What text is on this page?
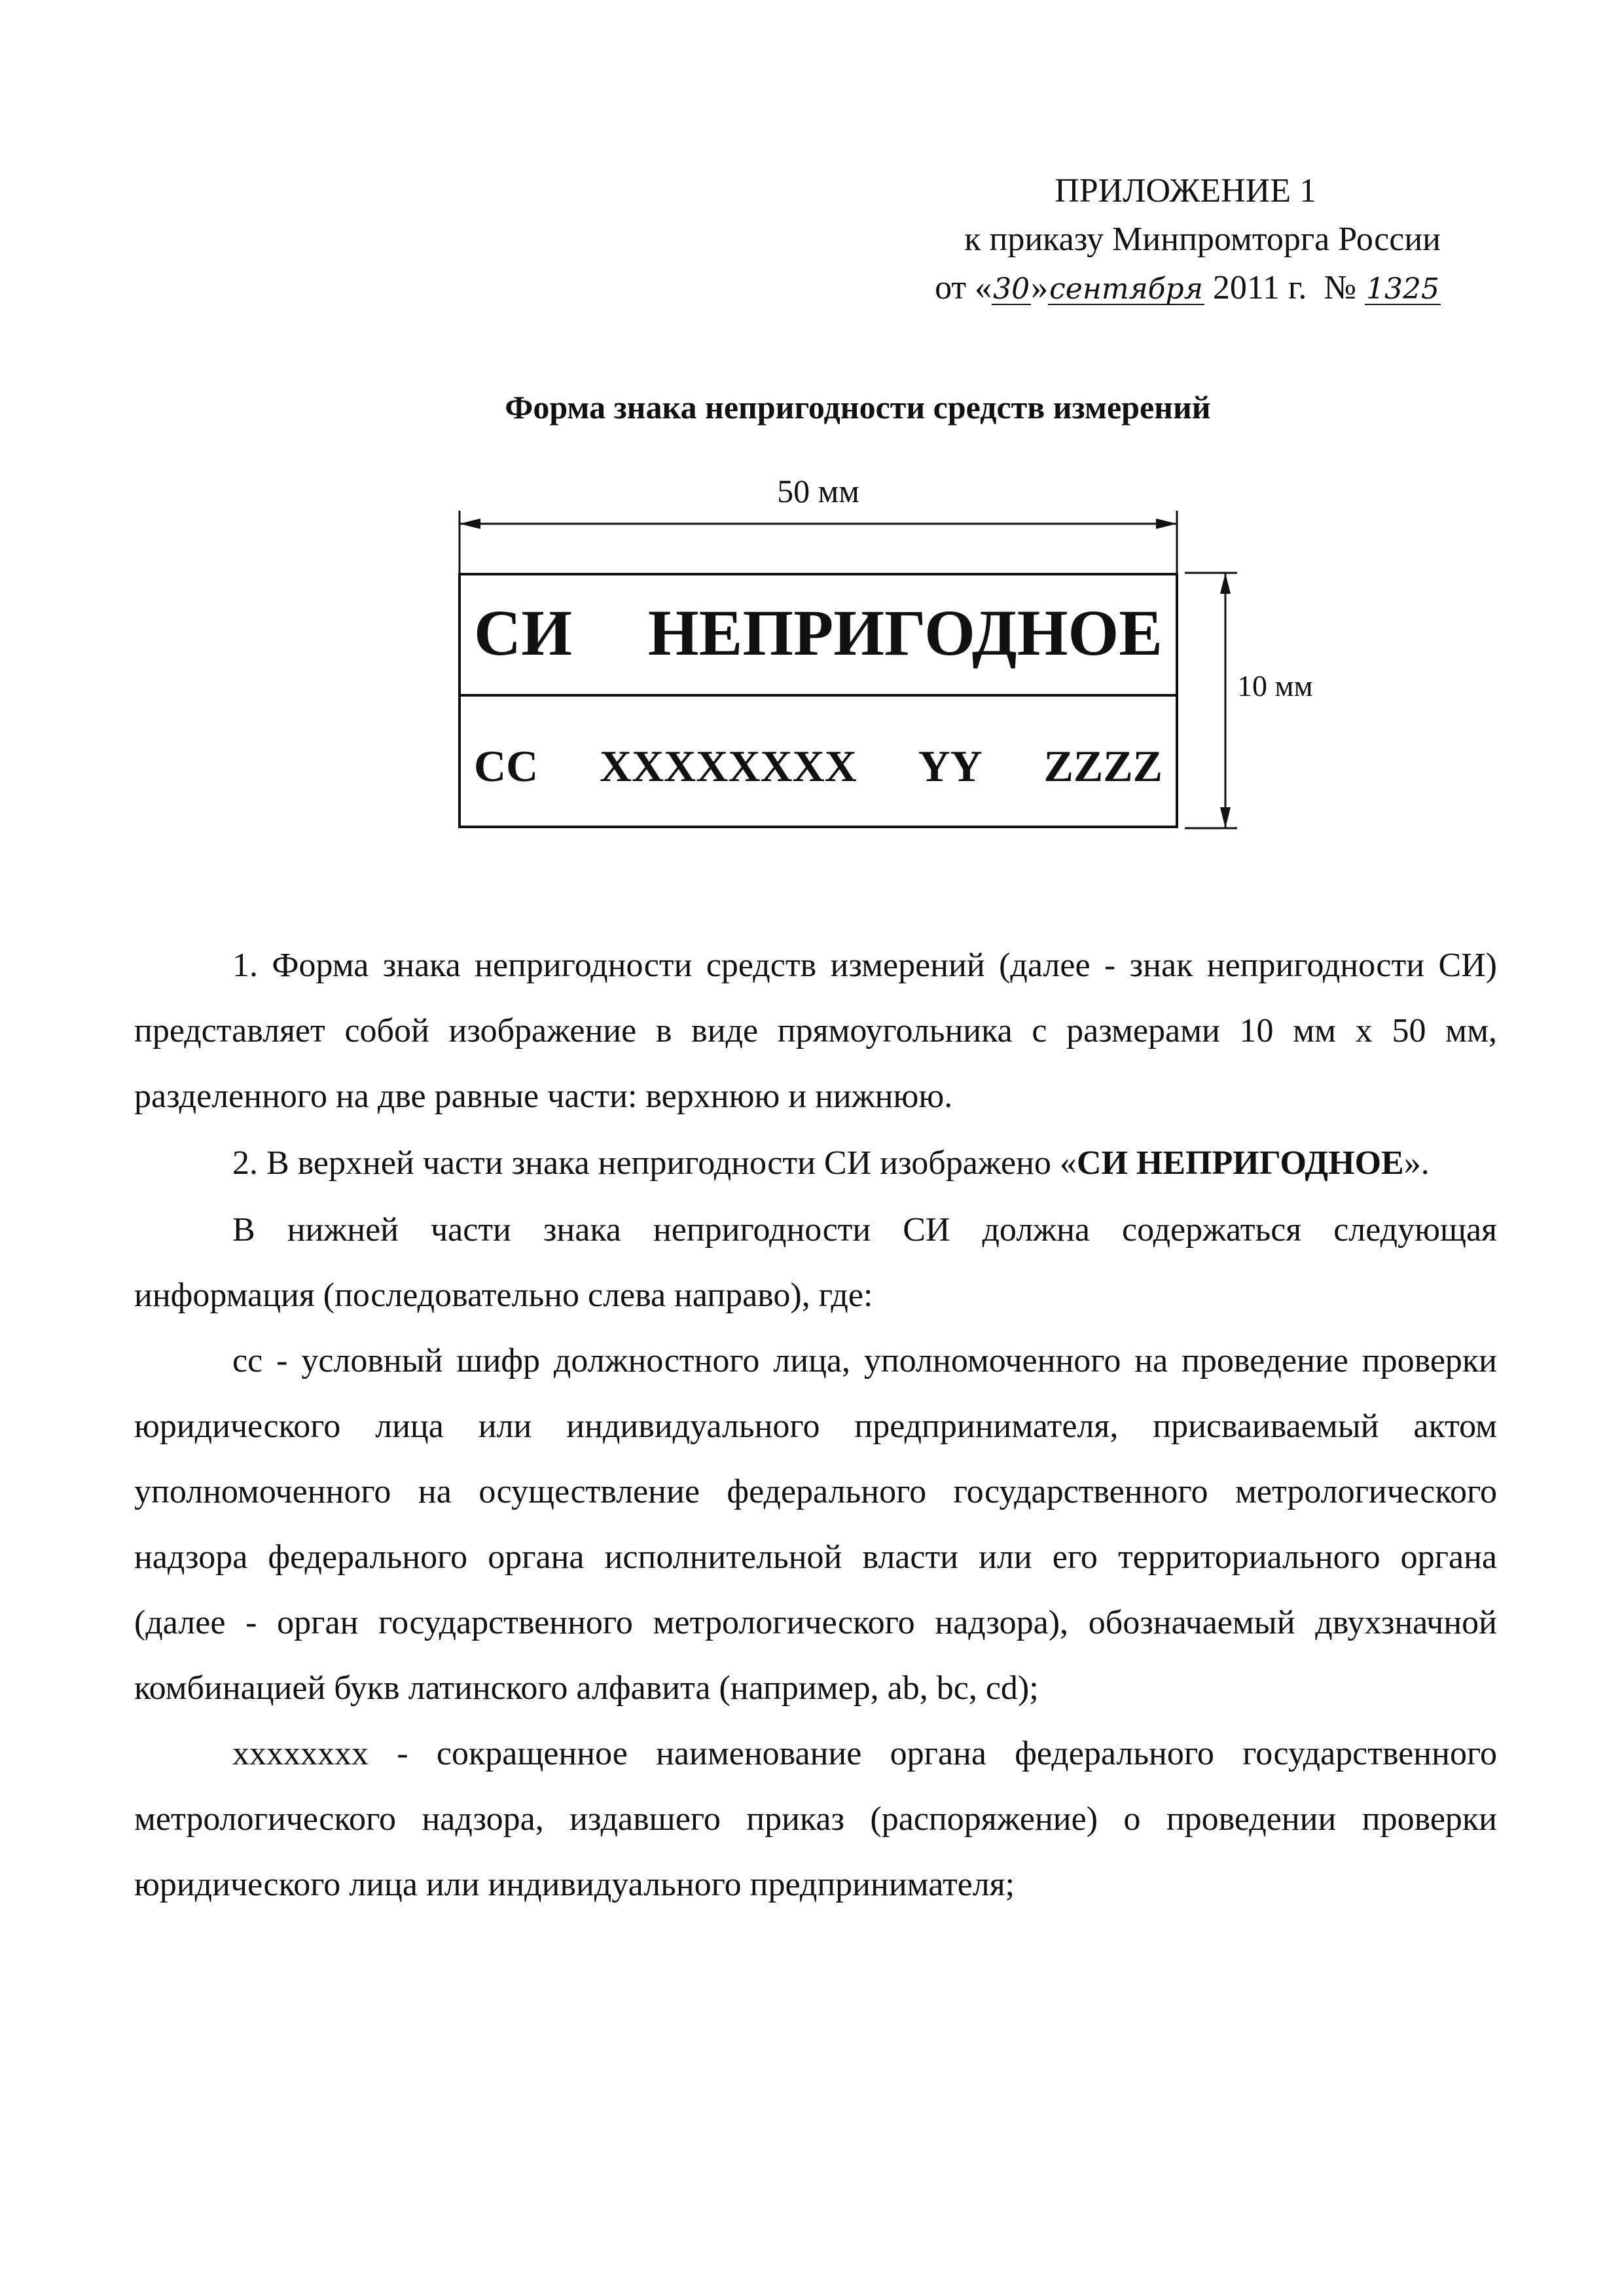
ПРИЛОЖЕНИЕ 1
к приказу Минпромторга России
от «30»сентября 2011 г. № 1325
Форма знака непригодности средств измерений
50 мм
СИ НЕПРИГОДНОЕ
СС XXXXXXXX YY ZZZZ
10 мм

1. Форма знака непригодности средств измерений (далее - знак непригодности СИ) представляет собой изображение в виде прямоугольника с размерами 10 мм х 50 мм, разделенного на две равные части: верхнюю и нижнюю.

2. В верхней части знака непригодности СИ изображено «СИ НЕПРИГОДНОЕ».

В нижней части знака непригодности СИ должна содержаться следующая информация (последовательно слева направо), где:

сс - условный шифр должностного лица, уполномоченного на проведение проверки юридического лица или индивидуального предпринимателя, присваиваемый актом уполномоченного на осуществление федерального государственного метрологического надзора федерального органа исполнительной власти или его территориального органа (далее - орган государственного метрологического надзора), обозначаемый двухзначной комбинацией букв латинского алфавита (например, ab, bc, cd);

хххххххх - сокращенное наименование органа федерального государственного метрологического надзора, издавшего приказ (распоряжение) о проведении проверки юридического лица или индивидуального предпринимателя;
